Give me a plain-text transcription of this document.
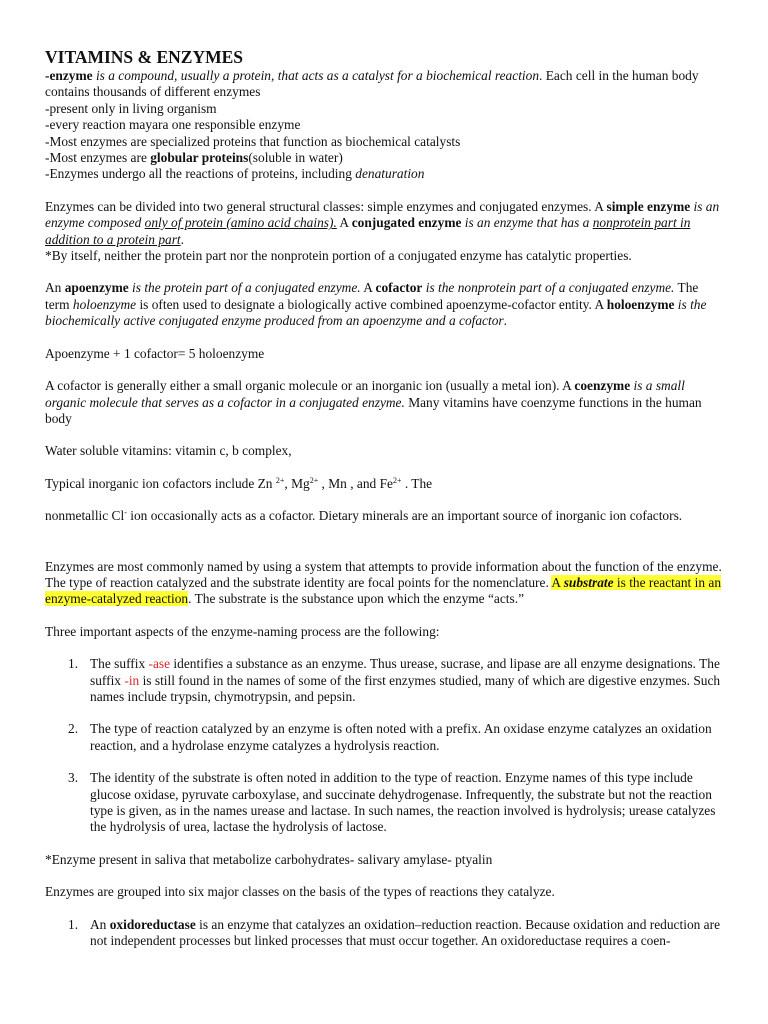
VITAMINS & ENZYMES

-enzyme is a compound, usually a protein, that acts as a catalyst for a biochemical reaction. Each cell in the human body contains thousands of different enzymes

-present only in living organism

-every reaction mayara one responsible enzyme

-Most enzymes are specialized proteins that function as biochemical catalysts

-Most enzymes are globular proteins(soluble in water)

-Enzymes undergo all the reactions of proteins, including denaturation

Enzymes can be divided into two general structural classes: simple enzymes and conjugated enzymes. A simple enzyme is an enzyme composed only of protein (amino acid chains). A conjugated enzyme is an enzyme that has a nonprotein part in addition to a protein part.

*By itself, neither the protein part nor the nonprotein portion of a conjugated enzyme has catalytic properties.

An apoenzyme is the protein part of a conjugated enzyme. A cofactor is the nonprotein part of a conjugated enzyme. The term holoenzyme is often used to designate a biologically active combined apoenzyme-cofactor entity. A holoenzyme is the biochemically active conjugated enzyme produced from an apoenzyme and a cofactor.

Apoenzyme + 1 cofactor= 5 holoenzyme

A cofactor is generally either a small organic molecule or an inorganic ion (usually a metal ion). A coenzyme is a small organic molecule that serves as a cofactor in a conjugated enzyme. Many vitamins have coenzyme functions in the human body

Water soluble vitamins: vitamin c, b complex,

Typical inorganic ion cofactors include Zn $^{2+}$, $Mg^{2+}$ , Mn , and $Fe^{2+}$ . The

nonmetallic Cl- ion occasionally acts as a cofactor. Dietary minerals are an important source of inorganic ion cofactors.

Enzymes are most commonly named by using a system that attempts to provide information about the function of the enzyme. The type of reaction catalyzed and the substrate identity are focal points for the nomenclature. A substrate is the reactant in an enzyme-catalyzed reaction. The substrate is the substance upon which the enzyme “acts.”

Three important aspects of the enzyme-naming process are the following:

1. The suffix -ase identifies a substance as an enzyme. Thus urease, sucrase, and lipase are all enzyme designations. The suffix -in is still found in the names of some of the first enzymes studied, many of which are digestive enzymes. Such names include trypsin, chymotrypsin, and pepsin.
2. The type of reaction catalyzed by an enzyme is often noted with a prefix. An oxidase enzyme catalyzes an oxidation reaction, and a hydrolase enzyme catalyzes a hydrolysis reaction.
3. The identity of the substrate is often noted in addition to the type of reaction. Enzyme names of this type include glucose oxidase, pyruvate carboxylase, and succinate dehydrogenase. Infrequently, the substrate but not the reaction type is given, as in the names urease and lactase. In such names, the reaction involved is hydrolysis; urease catalyzes the hydrolysis of urea, lactase the hydrolysis of lactose.

*Enzyme present in saliva that metabolize carbohydrates- salivary amylase- ptyalin

Enzymes are grouped into six major classes on the basis of the types of reactions they catalyze.

1. An oxidoreductase is an enzyme that catalyzes an oxidation–reduction reaction. Because oxidation and reduction are not independent processes but linked processes that must occur together. An oxidoreductase requires a coen-
